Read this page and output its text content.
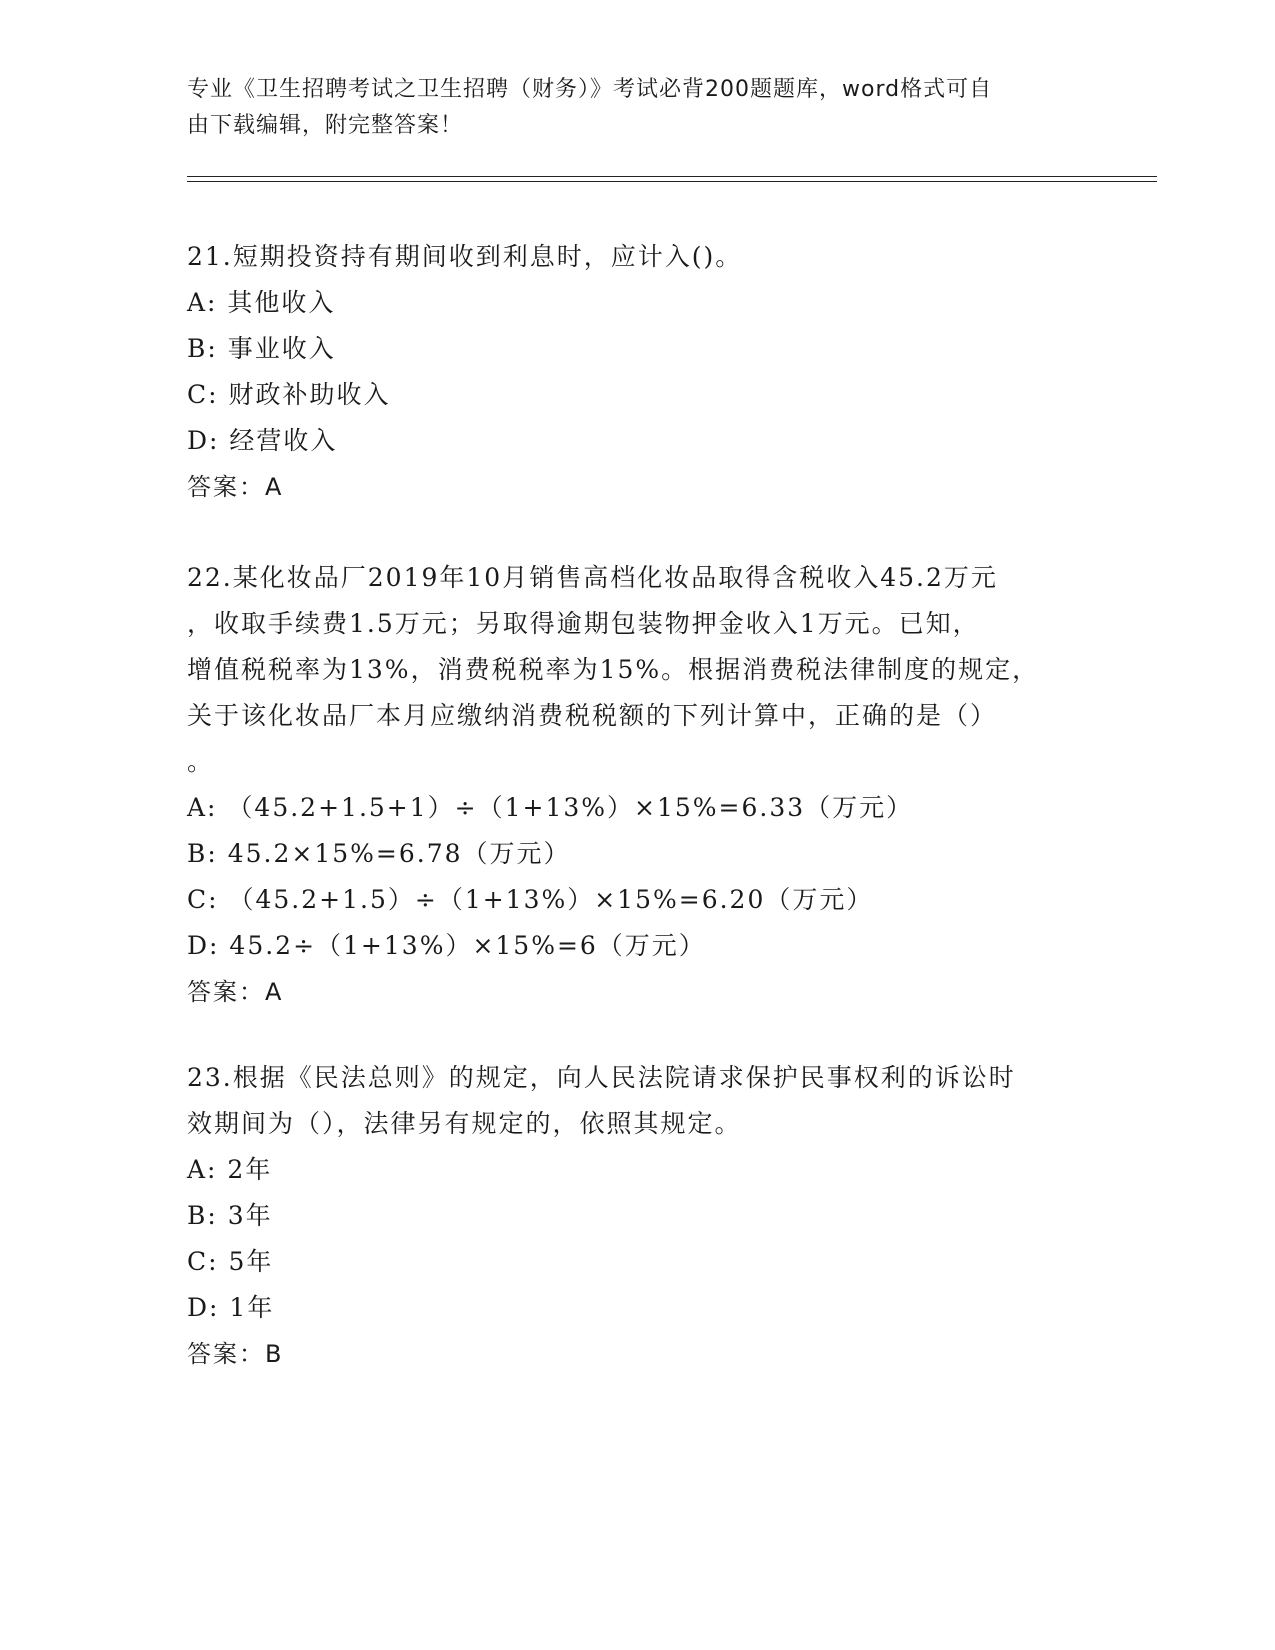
专业《卫生招聘考试之卫生招聘（财务）》考试必背200题题库，word格式可自
由下载编辑，附完整答案！
21.短期投资持有期间收到利息时，应计入()。
A: 其他收入
B: 事业收入
C: 财政补助收入
D: 经营收入
答案：A
22.某化妆品厂2019年10月销售高档化妆品取得含税收入45.2万元
，收取手续费1.5万元；另取得逾期包装物押金收入1万元。已知，
增值税税率为13%，消费税税率为15%。根据消费税法律制度的规定，
关于该化妆品厂本月应缴纳消费税税额的下列计算中，正确的是（）
。
A: （45.2+1.5+1）÷（1+13%）×15%=6.33（万元）
B: 45.2×15%=6.78（万元）
C: （45.2+1.5）÷（1+13%）×15%=6.20（万元）
D: 45.2÷（1+13%）×15%=6（万元）
答案：A
23.根据《民法总则》的规定，向人民法院请求保护民事权利的诉讼时
效期间为（），法律另有规定的，依照其规定。
A: 2年
B: 3年
C: 5年
D: 1年
答案：B
